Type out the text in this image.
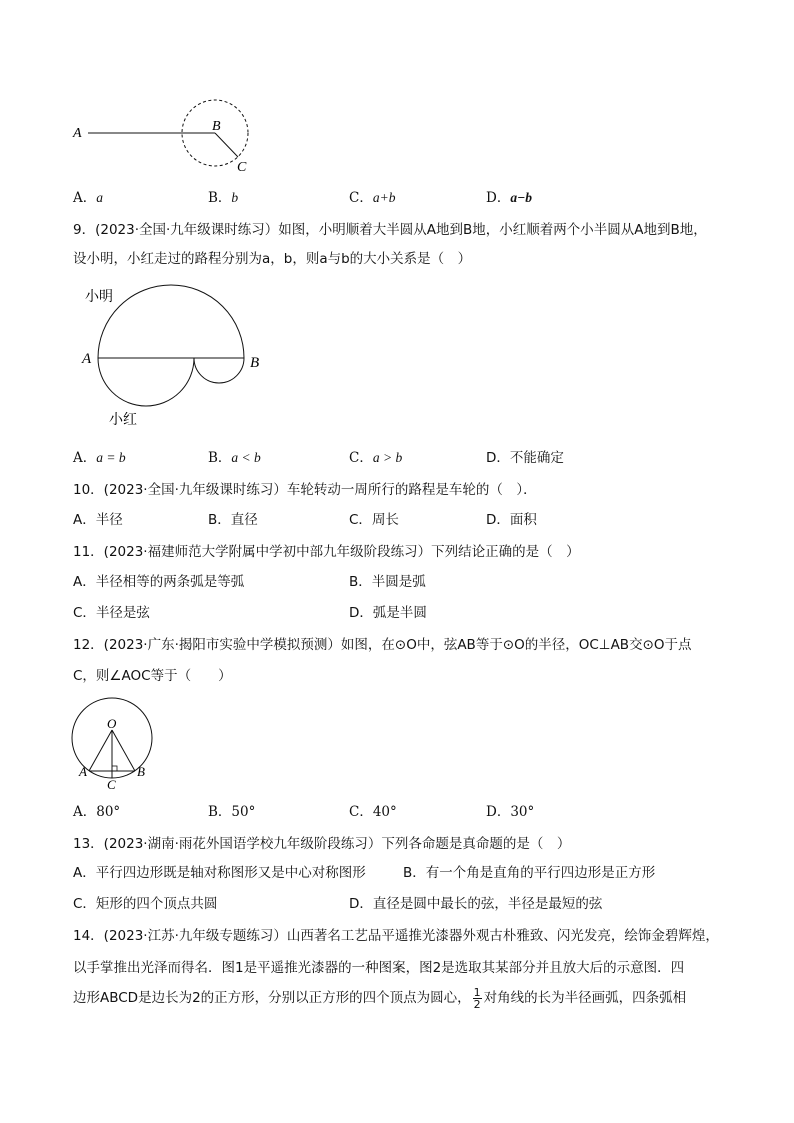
A	B
C
A．a	B．b	C．a+b	D．a−b
9．(2023·全国·九年级课时练习）如图，小明顺着大半圆从A地到B地，小红顺着两个小半圆从A地到B地，
设小明，小红走过的路程分别为a，b，则a与b的大小关系是（　）
小明
A	B
小红
A．a = b	B．a < b	C．a > b	D．不能确定
10．(2023·全国·九年级课时练习）车轮转动一周所行的路程是车轮的（　）．
A．半径	B．直径	C．周长	D．面积
11．(2023·福建师范大学附属中学初中部九年级阶段练习）下列结论正确的是（　）
A．半径相等的两条弧是等弧	B．半圆是弧
C．半径是弦	D．弧是半圆
12．(2023·广东·揭阳市实验中学模拟预测）如图，在⊙O中，弦AB等于⊙O的半径，OC⊥AB交⊙O于点
C，则∠AOC等于（　　）
O
A	B
C
A．80°	B．50°	C．40°	D．30°
13．(2023·湖南·雨花外国语学校九年级阶段练习）下列各命题是真命题的是（　）
A．平行四边形既是轴对称图形又是中心对称图形	B．有一个角是直角的平行四边形是正方形
C．矩形的四个顶点共圆	D．直径是圆中最长的弦，半径是最短的弦
14．(2023·江苏·九年级专题练习）山西著名工艺品平遥推光漆器外观古朴雅致、闪光发亮，绘饰金碧辉煌，
以手掌推出光泽而得名．图1是平遥推光漆器的一种图案，图2是选取其某部分并且放大后的示意图．四
边形ABCD是边长为2的正方形，分别以正方形的四个顶点为圆心， $\frac{1}{2}$ 对角线的长为半径画弧，四条弧相
